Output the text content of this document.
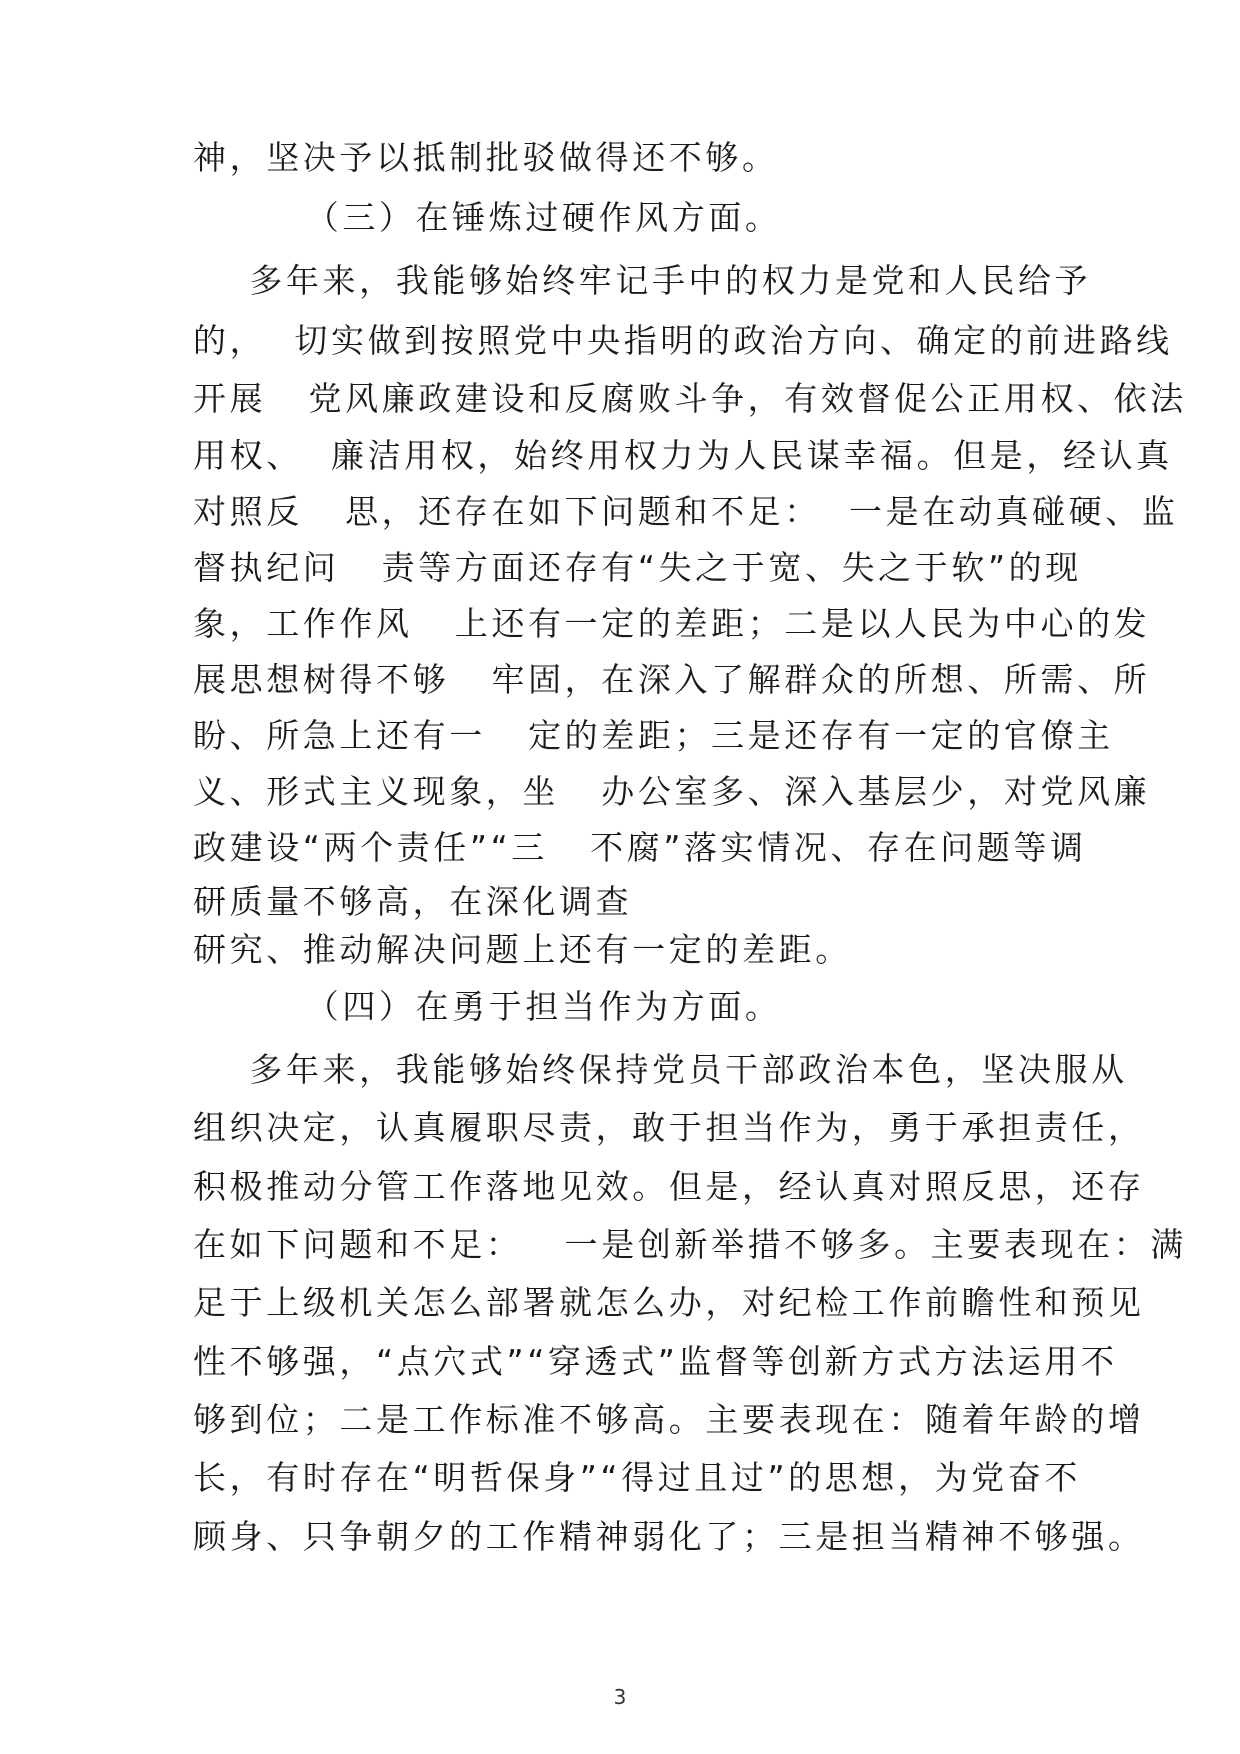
神，坚决予以抵制批驳做得还不够。
（三）在锤炼过硬作风方面。
多年来，我能够始终牢记手中的权力是党和人民给予
的，  切实做到按照党中央指明的政治方向、确定的前进路线
开展   党风廉政建设和反腐败斗争，有效督促公正用权、依法
用权、  廉洁用权，始终用权力为人民谋幸福。但是，经认真
对照反   思，还存在如下问题和不足：  一是在动真碰硬、监
督执纪问   责等方面还存有“失之于宽、失之于软”的现
象，工作作风   上还有一定的差距；二是以人民为中心的发
展思想树得不够   牢固，在深入了解群众的所想、所需、所
盼、所急上还有一   定的差距；三是还存有一定的官僚主
义、形式主义现象，坐   办公室多、深入基层少，对党风廉
政建设“两个责任”“三   不腐”落实情况、存在问题等调
研质量不够高，在深化调查
研究、推动解决问题上还有一定的差距。
（四）在勇于担当作为方面。
多年来，我能够始终保持党员干部政治本色，坚决服从
组织决定，认真履职尽责，敢于担当作为，勇于承担责任，
积极推动分管工作落地见效。但是，经认真对照反思，还存
在如下问题和不足：   一是创新举措不够多。主要表现在：满
足于上级机关怎么部署就怎么办，对纪检工作前瞻性和预见
性不够强，“点穴式”“穿透式”监督等创新方式方法运用不
够到位；二是工作标准不够高。主要表现在：随着年龄的增
长，有时存在“明哲保身”“得过且过”的思想，为党奋不
顾身、只争朝夕的工作精神弱化了；三是担当精神不够强。
3
